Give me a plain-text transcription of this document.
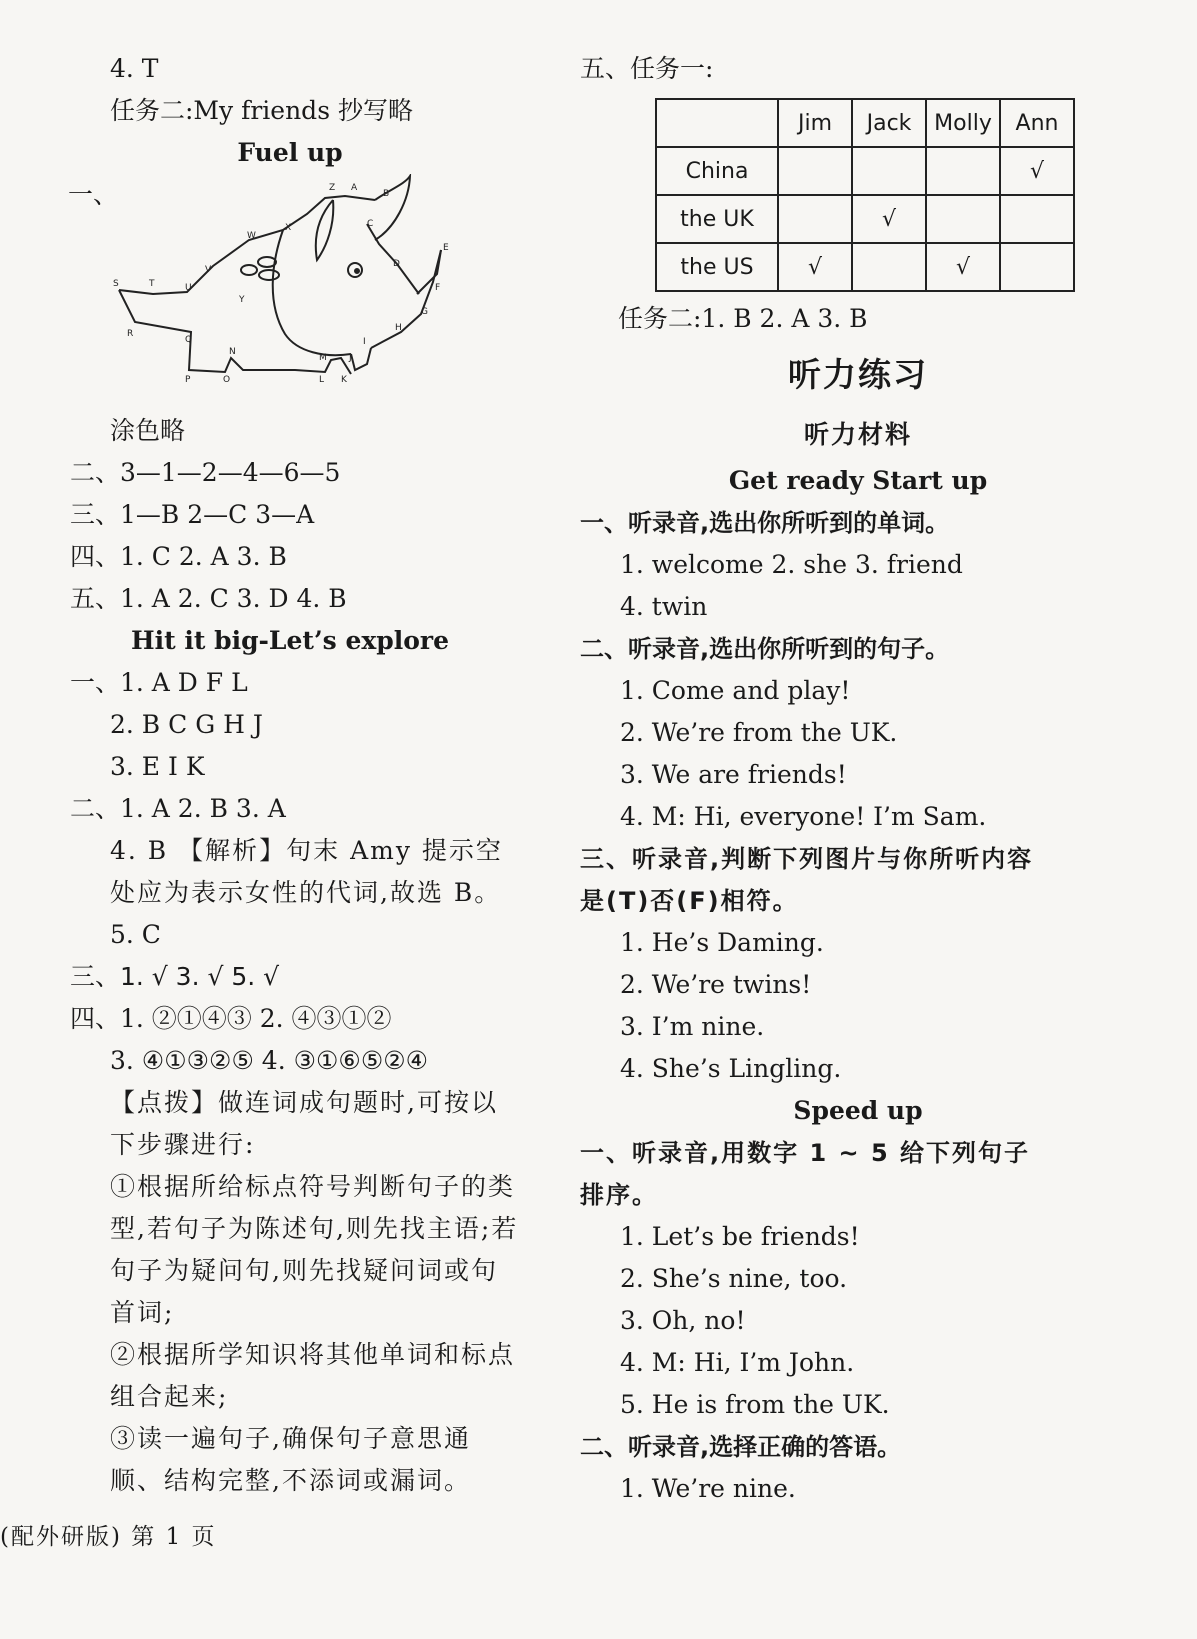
4. T
任务二:My friends 抄写略
Fuel up
一、
S	T	U
V
W
X
Z A
B
C
D
E
F
G
H
I
J
K
L
M
N
O
P
Q
R
Y
涂色略
二、3—1—2—4—6—5
三、1—B 2—C 3—A
四、1. C 2. A 3. B
五、1. A 2. C 3. D 4. B
Hit it big-Let’s explore
一、1. A D F L
2. B C G H J
3. E I K
二、1. A 2. B 3. A
4. B 【解析】句末 Amy 提示空处应为表示女性的代词,故选 B。
5. C
三、1. √ 3. √ 5. √
四、1. ②①④③ 2. ④③①②
3. ④①③②⑤ 4. ③①⑥⑤②④
【点拨】做连词成句题时,可按以下步骤进行:
①根据所给标点符号判断句子的类型,若句子为陈述句,则先找主语;若句子为疑问句,则先找疑问词或句首词;
②根据所学知识将其他单词和标点组合起来;
③读一遍句子,确保句子意思通顺、结构完整,不添词或漏词。
五、任务一:
	Jim	Jack	Molly	Ann
China				√
the UK		√		
the US	√		√	
任务二:1. B 2. A 3. B
听力练习
听力材料
Get ready Start up
一、听录音,选出你所听到的单词。
1. welcome 2. she 3. friend
4. twin
二、听录音,选出你所听到的句子。
1. Come and play!
2. We’re from the UK.
3. We are friends!
4. M: Hi, everyone! I’m Sam.
三、听录音,判断下列图片与你所听内容是(T)否(F)相符。
1. He’s Daming.
2. We’re twins!
3. I’m nine.
4. She’s Lingling.
Speed up
一、听录音,用数字 1 ~ 5 给下列句子排序。
1. Let’s be friends!
2. She’s nine, too.
3. Oh, no!
4. M: Hi, I’m John.
5. He is from the UK.
二、听录音,选择正确的答语。
1. We’re nine.
(配外研版) 第 1 页
